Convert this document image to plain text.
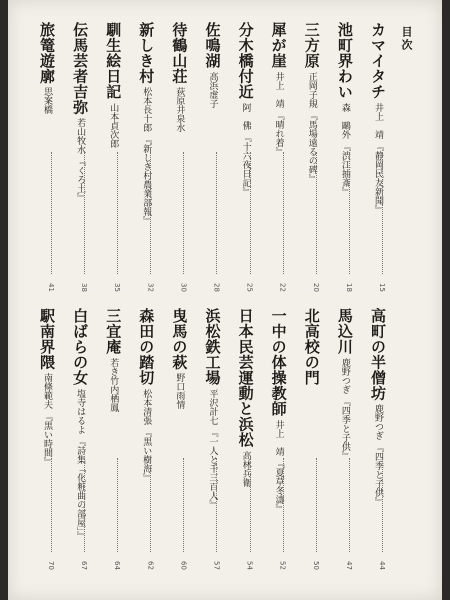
目次
カマイタチ井上　靖『静岡民友新聞』
15
池町界わい森　鷗外『渋江抽斎』
18
三方原正岡子規『馬場遠るの碑』
20
犀が崖井上　靖『晴れ着』
22
分木橋付近阿　佛『十六夜日記』
25
佐鳴湖高浜虚子
28
待鶴山荘荻原井泉水
30
新しき村松本長十郎『新しき村農業部報』
32
馴生絵日記山本貞次郎
35
伝馬芸者吉弥若山牧水『くろ土』
38
旅篭遊廓思案橋
41
高町の半僧坊鹿野つぎ『四季と子供』
44
馬込川鹿野つぎ『四季と子供』
47
北高校の門
50
一中の体操教師井上　靖『夏草冬濤』
52
日本民芸運動と浜松高林兵衛
54
浜松鉄工場平沢計七『一人と千三百人』
57
曳馬の萩野口雨情
60
森田の踏切松本清張『黒い樹海』
62
三宜庵若き竹内栖鳳
64
白ばらの女塩寺はるよ『詩集「化粧曲の部屋」』
67
駅南界隈南條範夫『黒い時間』
70
